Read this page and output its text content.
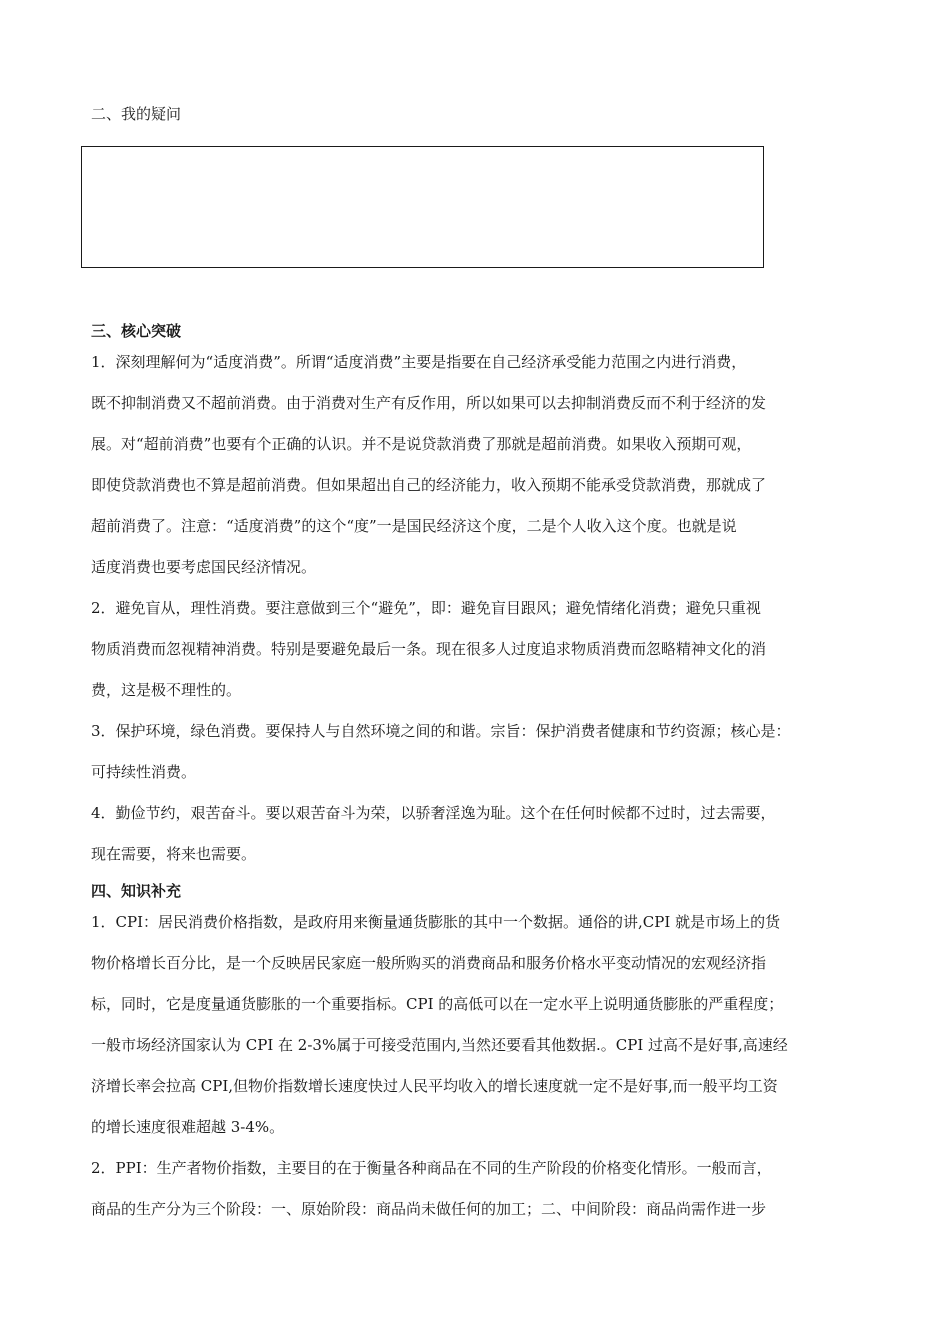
二、我的疑问
三、核心突破
1．深刻理解何为“适度消费”。所谓“适度消费”主要是指要在自己经济承受能力范围之内进行消费，
既不抑制消费又不超前消费。由于消费对生产有反作用，所以如果可以去抑制消费反而不利于经济的发
展。对“超前消费”也要有个正确的认识。并不是说贷款消费了那就是超前消费。如果收入预期可观，
即使贷款消费也不算是超前消费。但如果超出自己的经济能力，收入预期不能承受贷款消费，那就成了
超前消费了。注意：“适度消费”的这个“度”一是国民经济这个度，二是个人收入这个度。也就是说
适度消费也要考虑国民经济情况。
2．避免盲从，理性消费。要注意做到三个“避免”，即：避免盲目跟风；避免情绪化消费；避免只重视
物质消费而忽视精神消费。特别是要避免最后一条。现在很多人过度追求物质消费而忽略精神文化的消
费，这是极不理性的。
3．保护环境，绿色消费。要保持人与自然环境之间的和谐。宗旨：保护消费者健康和节约资源；核心是：
可持续性消费。
4．勤俭节约，艰苦奋斗。要以艰苦奋斗为荣，以骄奢淫逸为耻。这个在任何时候都不过时，过去需要，
现在需要，将来也需要。
四、知识补充
1．CPI：居民消费价格指数，是政府用来衡量通货膨胀的其中一个数据。通俗的讲,CPI 就是市场上的货
物价格增长百分比，是一个反映居民家庭一般所购买的消费商品和服务价格水平变动情况的宏观经济指
标，同时，它是度量通货膨胀的一个重要指标。CPI 的高低可以在一定水平上说明通货膨胀的严重程度；
一般市场经济国家认为 CPI 在 2-3%属于可接受范围内,当然还要看其他数据.。CPI 过高不是好事,高速经
济增长率会拉高 CPI,但物价指数增长速度快过人民平均收入的增长速度就一定不是好事,而一般平均工资
的增长速度很难超越 3-4%。
2．PPI：生产者物价指数，主要目的在于衡量各种商品在不同的生产阶段的价格变化情形。一般而言，
商品的生产分为三个阶段：一、原始阶段：商品尚未做任何的加工；二、中间阶段：商品尚需作进一步
